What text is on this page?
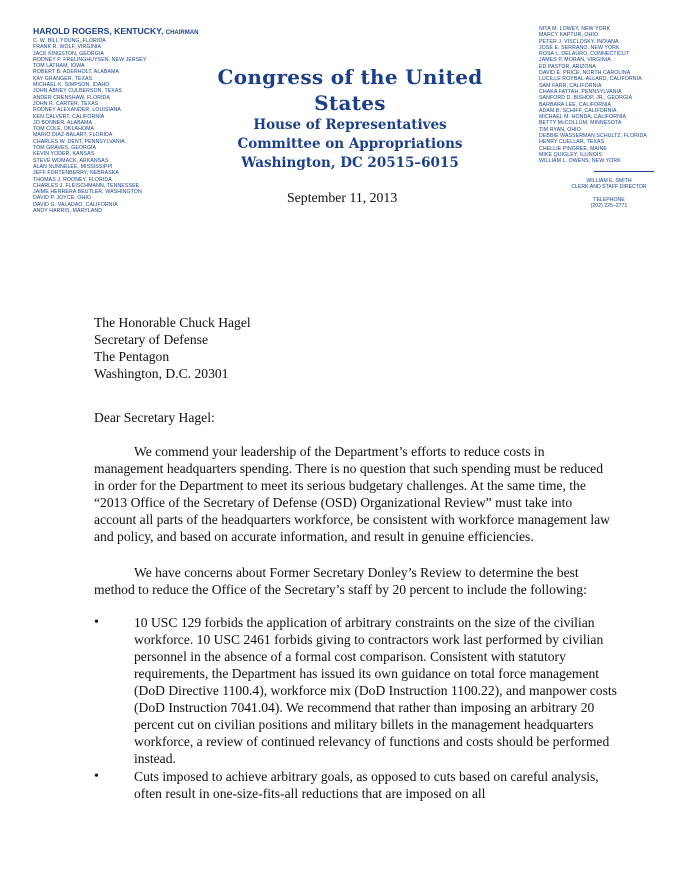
HAROLD ROGERS, KENTUCKY, CHAIRMAN
C. W. BILL YOUNG, FLORIDA
FRANK R. WOLF, VIRGINIA
JACK KINGSTON, GEORGIA
RODNEY P. FRELINGHUYSEN, NEW JERSEY
TOM LATHAM, IOWA
ROBERT B. ADERHOLT, ALABAMA
KAY GRANGER, TEXAS
MICHAEL K. SIMPSON, IDAHO
JOHN ABNEY CULBERSON, TEXAS
ANDER CRENSHAW, FLORIDA
JOHN R. CARTER, TEXAS
RODNEY ALEXANDER, LOUISIANA
KEN CALVERT, CALIFORNIA
JO BONNER, ALABAMA
TOM COLE, OKLAHOMA
MARIO DIAZ-BALART, FLORIDA
CHARLES W. DENT, PENNSYLVANIA
TOM GRAVES, GEORGIA
KEVIN YODER, KANSAS
STEVE WOMACK, ARKANSAS
ALAN NUNNELEE, MISSISSIPPI
JEFF FORTENBERRY, NEBRASKA
THOMAS J. ROONEY, FLORIDA
CHARLES J. FLEISCHMANN, TENNESSEE
JAIME HERRERA BEUTLER, WASHINGTON
DAVID P. JOYCE, OHIO
DAVID G. VALADAO, CALIFORNIA
ANDY HARRIS, MARYLAND
Congress of the United States
House of Representatives
Committee on Appropriations
Washington, DC 20515–6015
NITA M. LOWEY, NEW YORK
MARCY KAPTUR, OHIO
PETER J. VISCLOSKY, INDIANA
JOSÉ E. SERRANO, NEW YORK
ROSA L. DELAURO, CONNECTICUT
JAMES P. MORAN, VIRGINIA
ED PASTOR, ARIZONA
DAVID E. PRICE, NORTH CAROLINA
LUCILLE ROYBAL-ALLARD, CALIFORNIA
SAM FARR, CALIFORNIA
CHAKA FATTAH, PENNSYLVANIA
SANFORD D. BISHOP, JR., GEORGIA
BARBARA LEE, CALIFORNIA
ADAM B. SCHIFF, CALIFORNIA
MICHAEL M. HONDA, CALIFORNIA
BETTY McCOLLUM, MINNESOTA
TIM RYAN, OHIO
DEBBIE WASSERMAN SCHULTZ, FLORIDA
HENRY CUELLAR, TEXAS
CHELLIE PINGREE, MAINE
MIKE QUIGLEY, ILLINOIS
WILLIAM L. OWENS, NEW YORK
WILLIAM E. SMITH
CLERK AND STAFF DIRECTOR
TELEPHONE
(202) 225–2771
September 11, 2013
The Honorable Chuck Hagel
Secretary of Defense
The Pentagon
Washington, D.C. 20301
Dear Secretary Hagel:
We commend your leadership of the Department’s efforts to reduce costs in management headquarters spending. There is no question that such spending must be reduced in order for the Department to meet its serious budgetary challenges. At the same time, the “2013 Office of the Secretary of Defense (OSD) Organizational Review” must take into account all parts of the headquarters workforce, be consistent with workforce management law and policy, and based on accurate information, and result in genuine efficiencies.
We have concerns about Former Secretary Donley’s Review to determine the best method to reduce the Office of the Secretary’s staff by 20 percent to include the following:
•	10 USC 129 forbids the application of arbitrary constraints on the size of the civilian workforce. 10 USC 2461 forbids giving to contractors work last performed by civilian personnel in the absence of a formal cost comparison. Consistent with statutory requirements, the Department has issued its own guidance on total force management (DoD Directive 1100.4), workforce mix (DoD Instruction 1100.22), and manpower costs (DoD Instruction 7041.04). We recommend that rather than imposing an arbitrary 20 percent cut on civilian positions and military billets in the management headquarters workforce, a review of continued relevancy of functions and costs should be performed instead.
•	Cuts imposed to achieve arbitrary goals, as opposed to cuts based on careful analysis, often result in one-size-fits-all reductions that are imposed on all
